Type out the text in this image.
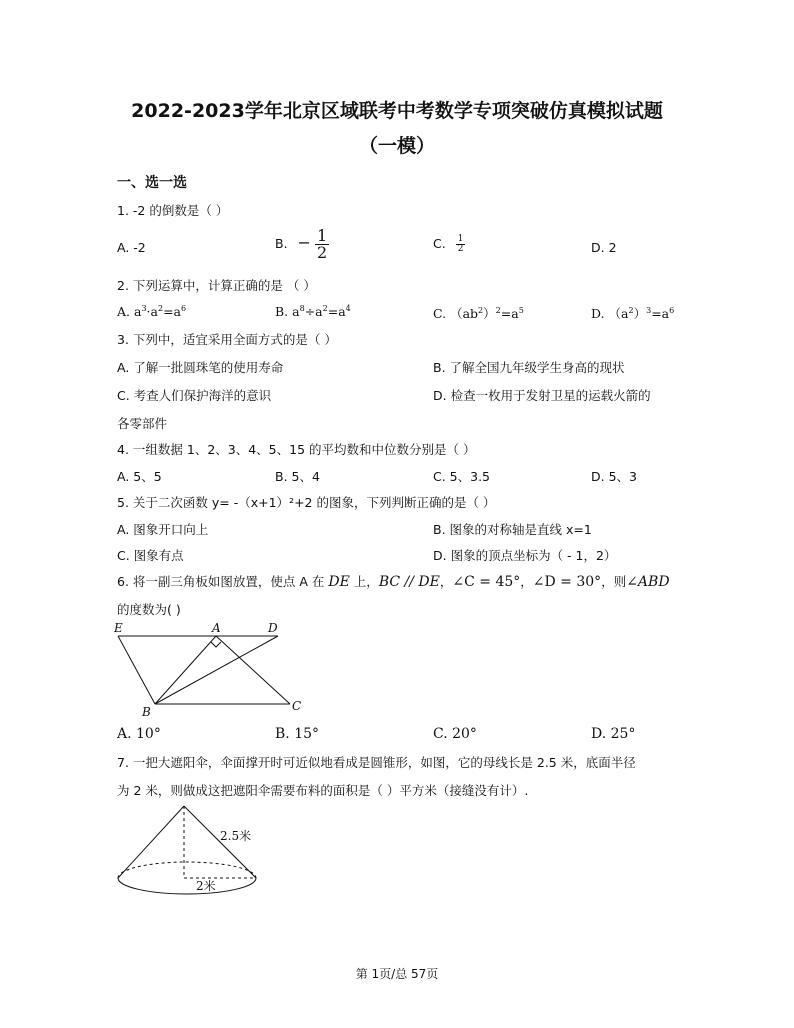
2022-2023学年北京区域联考中考数学专项突破仿真模拟试题
（一模）
一、选一选
1. -2 的倒数是（ ）
A. -2	B. − $\frac{1}{2}$	C. $\frac{1}{2}$	D. 2
2. 下列运算中，计算正确的是 （ ）
A. $a^3\cdot a^2=a^6$	B. $a^8\div a^2=a^4$	C. $(ab^2)^2=a^5$	D. $(a^2)^3=a^6$
3. 下列中，适宜采用全面方式的是（ ）
A. 了解一批圆珠笔的使用寿命	B. 了解全国九年级学生身高的现状
C. 考查人们保护海洋的意识	D. 检查一枚用于发射卫星的运载火箭的
各零部件
4. 一组数据 1、2、3、4、5、15 的平均数和中位数分别是（ ）
A. 5、5	B. 5、4	C. 5、3.5	D. 5、3
5. 关于二次函数 y= -（x+1）²+2 的图象，下列判断正确的是（ ）
A. 图象开口向上	B. 图象的对称轴是直线 x=1
C. 图象有点	D. 图象的顶点坐标为（ - 1，2）
6. 将一副三角板如图放置，使点 A 在 DE 上，BC // DE，∠C = 45°，∠D = 30°，则∠ABD
的度数为( )
E	A	D
B	C
A. 10°	B. 15°	C. 20°	D. 25°
7. 一把大遮阳伞，伞面撑开时可近似地看成是圆锥形，如图，它的母线长是 2.5 米，底面半径
为 2 米，则做成这把遮阳伞需要布料的面积是（ ）平方米（接缝没有计）.
2.5米
2米
第 1页/总 57页
